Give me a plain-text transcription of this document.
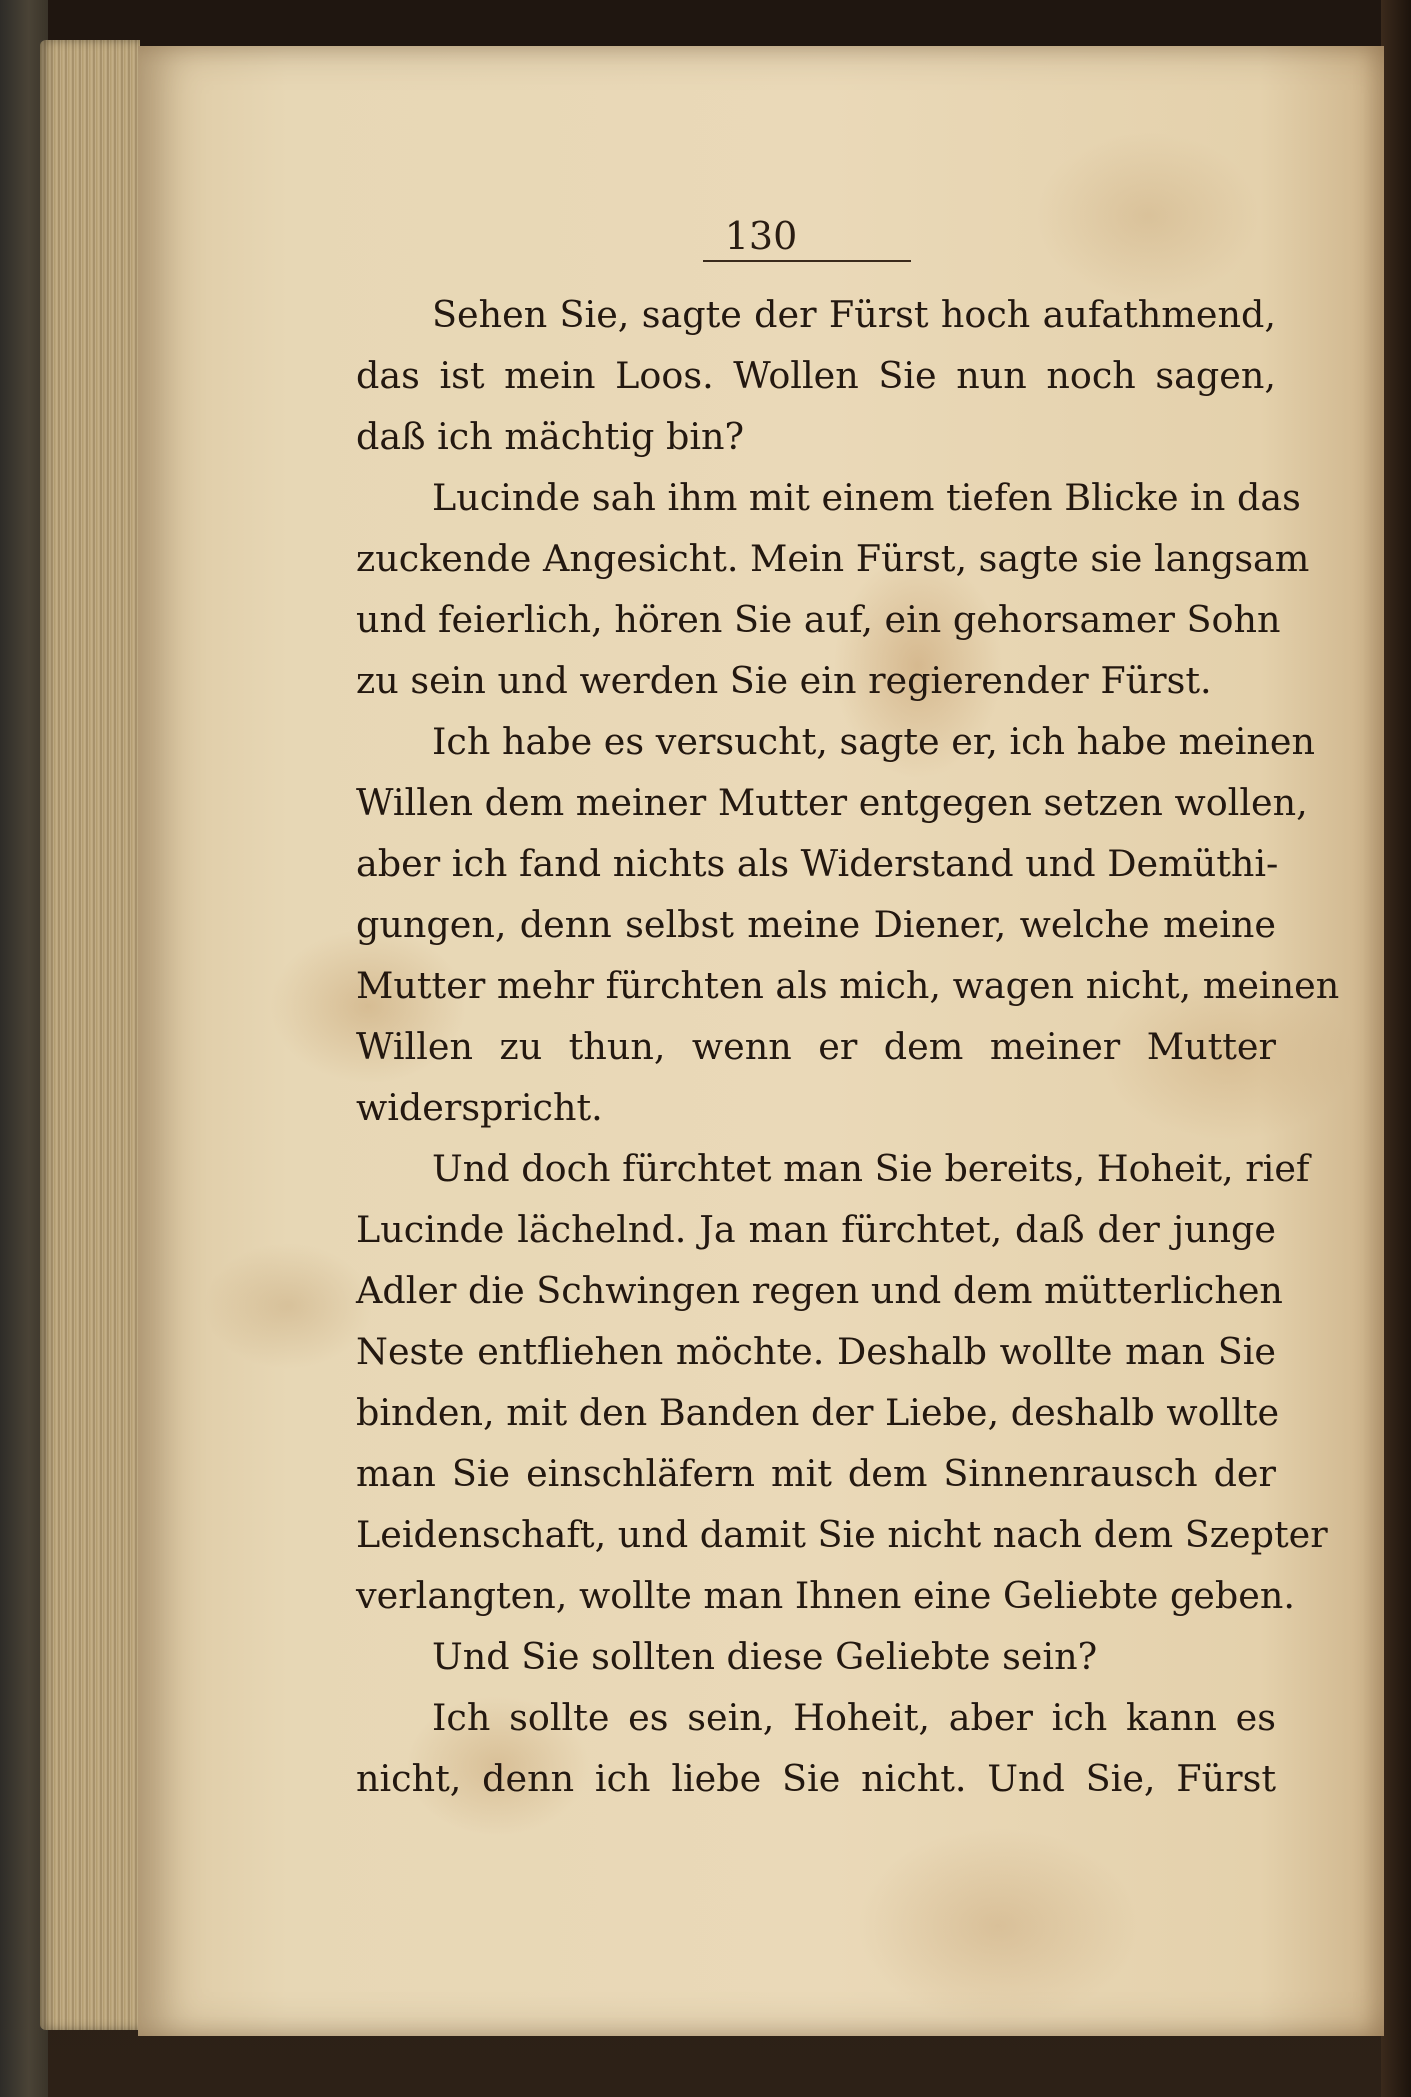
130
Sehen Sie, sagte der Fürst hoch aufathmend,
das ist mein Loos. Wollen Sie nun noch sagen,
daß ich mächtig bin?
Lucinde sah ihm mit einem tiefen Blicke in das
zuckende Angesicht. Mein Fürst, sagte sie langsam
und feierlich, hören Sie auf, ein gehorsamer Sohn
zu sein und werden Sie ein regierender Fürst.
Ich habe es versucht, sagte er, ich habe meinen
Willen dem meiner Mutter entgegen setzen wollen,
aber ich fand nichts als Widerstand und Demüthi-
gungen, denn selbst meine Diener, welche meine
Mutter mehr fürchten als mich, wagen nicht, meinen
Willen zu thun, wenn er dem meiner Mutter
widerspricht.
Und doch fürchtet man Sie bereits, Hoheit, rief
Lucinde lächelnd. Ja man fürchtet, daß der junge
Adler die Schwingen regen und dem mütterlichen
Neste entfliehen möchte. Deshalb wollte man Sie
binden, mit den Banden der Liebe, deshalb wollte
man Sie einschläfern mit dem Sinnenrausch der
Leidenschaft, und damit Sie nicht nach dem Szepter
verlangten, wollte man Ihnen eine Geliebte geben.
Und Sie sollten diese Geliebte sein?
Ich sollte es sein, Hoheit, aber ich kann es
nicht, denn ich liebe Sie nicht. Und Sie, Fürst
